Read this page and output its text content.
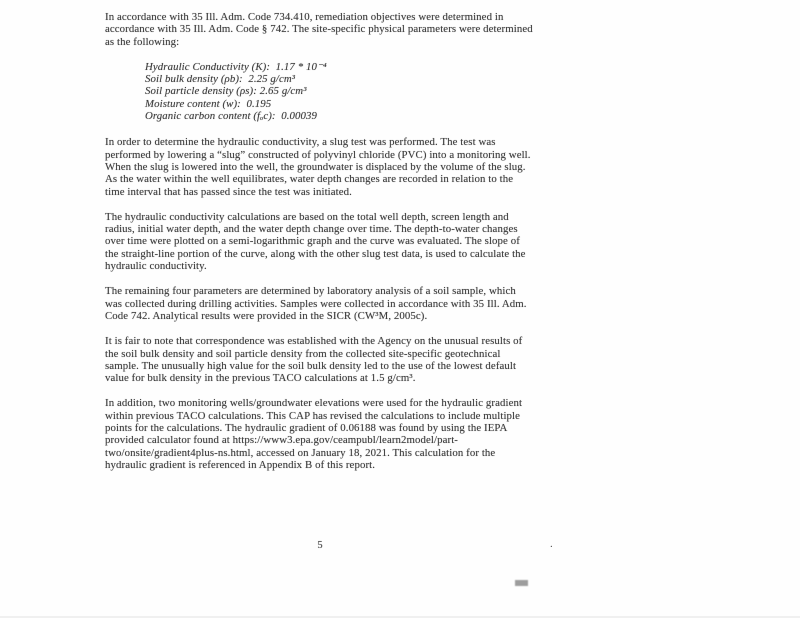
In accordance with 35 Ill. Adm. Code 734.410, remediation objectives were determined in accordance with 35 Ill. Adm. Code § 742. The site-specific physical parameters were determined as the following:

Hydraulic Conductivity (K):  1.17 * 10⁻⁴
Soil bulk density (ρb):  2.25 g/cm³
Soil particle density (ρs): 2.65 g/cm³
Moisture content (w):  0.195
Organic carbon content (fₒc):  0.00039

In order to determine the hydraulic conductivity, a slug test was performed. The test was performed by lowering a “slug” constructed of polyvinyl chloride (PVC) into a monitoring well. When the slug is lowered into the well, the groundwater is displaced by the volume of the slug. As the water within the well equilibrates, water depth changes are recorded in relation to the time interval that has passed since the test was initiated.

The hydraulic conductivity calculations are based on the total well depth, screen length and radius, initial water depth, and the water depth change over time. The depth-to-water changes over time were plotted on a semi-logarithmic graph and the curve was evaluated. The slope of the straight-line portion of the curve, along with the other slug test data, is used to calculate the hydraulic conductivity.

The remaining four parameters are determined by laboratory analysis of a soil sample, which was collected during drilling activities. Samples were collected in accordance with 35 Ill. Adm. Code 742. Analytical results were provided in the SICR (CW³M, 2005c).

It is fair to note that correspondence was established with the Agency on the unusual results of the soil bulk density and soil particle density from the collected site-specific geotechnical sample. The unusually high value for the soil bulk density led to the use of the lowest default value for bulk density in the previous TACO calculations at 1.5 g/cm³.

In addition, two monitoring wells/groundwater elevations were used for the hydraulic gradient within previous TACO calculations. This CAP has revised the calculations to include multiple points for the calculations. The hydraulic gradient of 0.06188 was found by using the IEPA provided calculator found at https://www3.epa.gov/ceampubl/learn2model/part-two/onsite/gradient4plus-ns.html, accessed on January 18, 2021. This calculation for the hydraulic gradient is referenced in Appendix B of this report.

5	.
